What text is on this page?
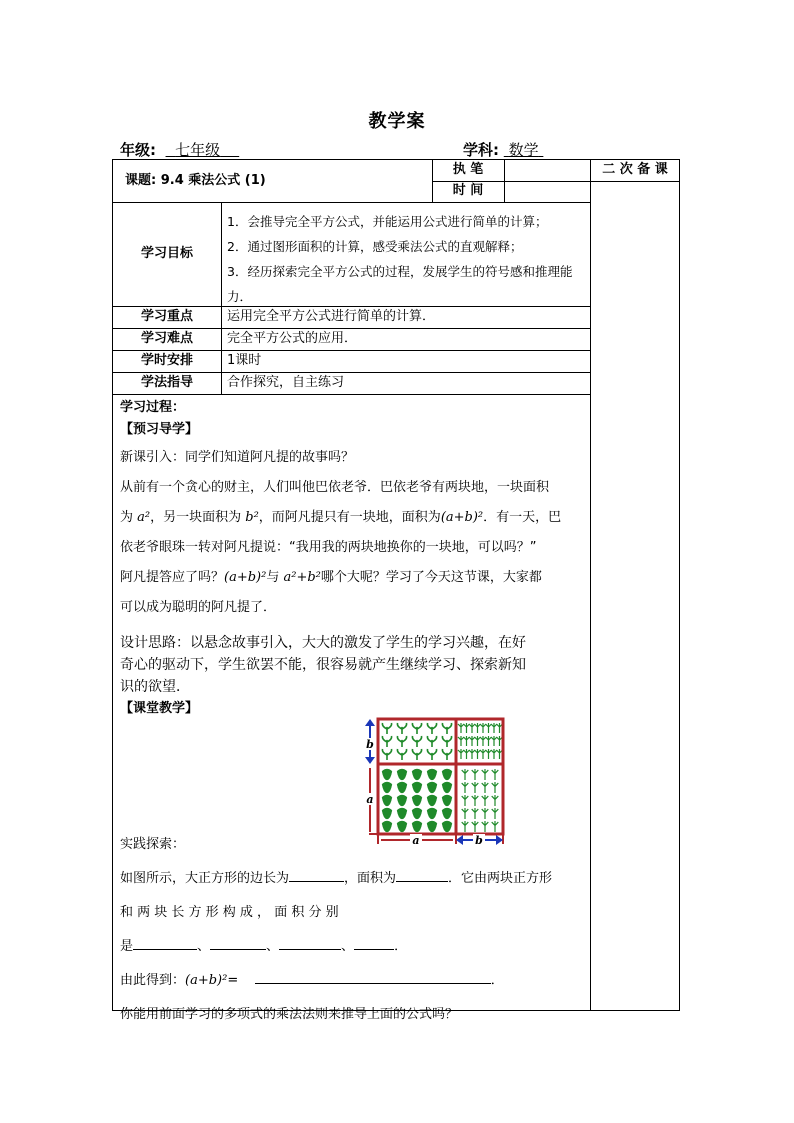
教学案
年级: 七年级	学科: 数学
课题: 9.4 乘法公式 (1)
执 笔
时 间
二 次 备 课
学习目标
1．会推导完全平方公式，并能运用公式进行简单的计算；
2．通过图形面积的计算，感受乘法公式的直观解释；
3．经历探索完全平方公式的过程，发展学生的符号感和推理能力．
学习重点	运用完全平方公式进行简单的计算．
学习难点	完全平方公式的应用．
学时安排	1课时
学法指导	合作探究，自主练习
学习过程：
【预习导学】
新课引入：同学们知道阿凡提的故事吗？
从前有一个贪心的财主，人们叫他巴依老爷．巴依老爷有两块地，一块面积
为 a²，另一块面积为 b²，而阿凡提只有一块地，面积为(a+b)²．有一天，巴
依老爷眼珠一转对阿凡提说：“我用我的两块地换你的一块地，可以吗？”
阿凡提答应了吗？(a+b)²与 a²+b²哪个大呢？学习了今天这节课，大家都
可以成为聪明的阿凡提了．
设计思路：以悬念故事引入，大大的激发了学生的学习兴趣，在好
奇心的驱动下，学生欲罢不能，很容易就产生继续学习、探索新知
识的欲望．
【课堂教学】
b
a
a	b
实践探索：
如图所示，大正方形的边长为	，面积为	．它由两块正方形
和 两 块 长 方 形 构 成 ， 面 积 分 别
是	、	、	、	．
由此得到：(a+b)²=	．
你能用前面学习的多项式的乘法法则来推导上面的公式吗？
